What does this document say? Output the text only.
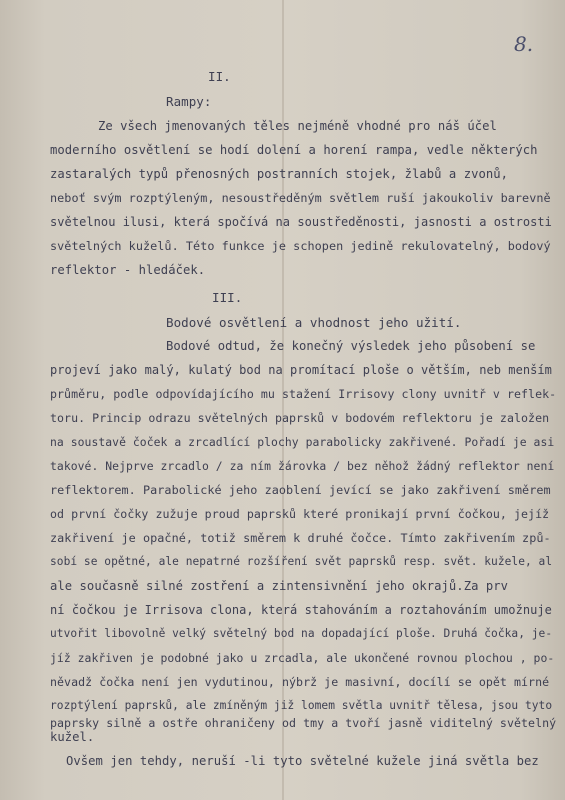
8.
II.
Rampy:
Ze všech jmenovaných těles nejméně vhodné pro náš účel
moderního osvětlení se hodí dolení a horení rampa, vedle některých
zastaralých typů přenosných postranních stojek, žlabů a zvonů,
neboť svým rozptýleným, nesoustředěným světlem ruší jakoukoliv barevně
světelnou ilusi, která spočívá na soustředěnosti, jasnosti a ostrosti
světelných kuželů. Této funkce je schopen jedině rekulovatelný, bodový
reflektor - hledáček.
III.
Bodové osvětlení a vhodnost jeho užití.
Bodové odtud, že konečný výsledek jeho působení se
projeví jako malý, kulatý bod na promítací ploše o větším, neb menším
průměru, podle odpovídajícího mu stažení Irrisovy clony uvnitř v reflek-
toru. Princip odrazu světelných paprsků v bodovém reflektoru je založen
na soustavě čoček a zrcadlící plochy parabolicky zakřivené. Pořadí je asi
takové. Nejprve zrcadlo / za ním žárovka / bez něhož žádný reflektor není
reflektorem. Parabolické jeho zaoblení jevící se jako zakřivení směrem
od první čočky zužuje proud paprsků které pronikají první čočkou, jejíž
zakřivení je opačné, totiž směrem k druhé čočce. Tímto zakřivením způ-
sobí se opětné, ale nepatrné rozšíření svět paprsků resp. svět. kužele, al
ale současně silné zostření a zintensivnění jeho okrajů.Za prv
ní čočkou je Irrisova clona, která stahováním a roztahováním umožnuje
utvořit libovolně velký světelný bod na dopadající ploše. Druhá čočka, je-
jíž zakřiven je podobné jako u zrcadla, ale ukončené rovnou plochou , po-
něvadž čočka není jen vydutinou, nýbrž je masivní, docílí se opět mírné
rozptýlení paprsků, ale zmíněným již lomem světla uvnitř tělesa, jsou tyto
paprsky silně a ostře ohraničeny od tmy a tvoří jasně viditelný světelný
kužel.
Ovšem jen tehdy, neruší -li tyto světelné kužele jiná světla bez
